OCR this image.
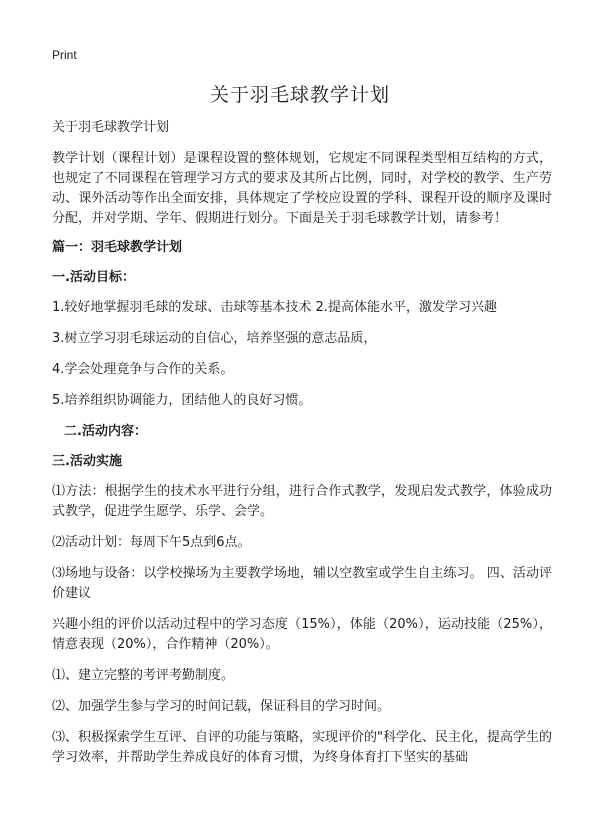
Print
关于羽毛球教学计划

关于羽毛球教学计划

教学计划（课程计划）是课程设置的整体规划，它规定不同课程类型相互结构的方式，也规定了不同课程在管理学习方式的要求及其所占比例，同时，对学校的教学、生产劳动、课外活动等作出全面安排，具体规定了学校应设置的学科、课程开设的顺序及课时分配，并对学期、学年、假期进行划分。下面是关于羽毛球教学计划，请参考！

篇一：羽毛球教学计划

一.活动目标：

1.较好地掌握羽毛球的发球、击球等基本技术 2.提高体能水平，激发学习兴趣

3.树立学习羽毛球运动的自信心，培养坚强的意志品质，

4.学会处理竟争与合作的关系。

5.培养组织协调能力，团结他人的良好习惯。

二.活动内容：

三.活动实施

⑴方法：根据学生的技术水平进行分组，进行合作式教学，发现启发式教学，体验成功式教学，促进学生愿学、乐学、会学。

⑵活动计划：每周下午5点到6点。

⑶场地与设备：以学校操场为主要教学场地，辅以空教室或学生自主练习。 四、活动评价建议

兴趣小组的评价以活动过程中的学习态度（15%），体能（20%），运动技能（25%），情意表现（20%），合作精神（20%）。

⑴、建立完整的考评考勤制度。

⑵、加强学生参与学习的时间记载，保证科目的学习时间。

⑶、积极探索学生互评、自评的功能与策略，实现评价的"科学化、民主化，提高学生的学习效率，并帮助学生养成良好的体育习惯，为终身体育打下坚实的基础
